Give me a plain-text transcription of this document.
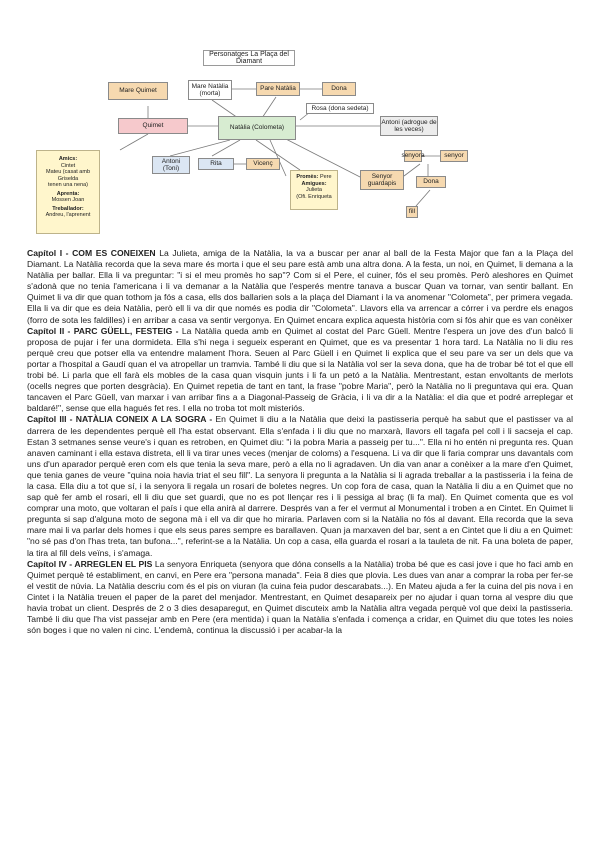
Personatges La Plaça del Diamant
Mare Quimet
Mare Natàlia (morta)
Pare Natàlia	Dona
Rosa (dona sedeta)
Quimet	Natàlia (Colometa)
Antoni (adrogue de les veces)
Antoni (Toni)
Rita	Vicenç
senyora	senyor
Senyor guardapis	Dona
fill
Amics:
Cintet
Mateu (casat amb Griselda
tenen una nena)
Aprenta:
Mossen Joan
Treballador:
Andreu, l'aprenent
Promès: Pere
Amigues: Julieta
(Ofi. Enriqueta

Capítol I - COM ES CONEIXEN La Julieta, amiga de la Natàlia, la va a buscar per anar al ball de la Festa Major que fan a la Plaça del Diamant. La Natàlia recorda que la seva mare és morta i que el seu pare està amb una altra dona. A la festa, un noi, en Quimet, li demana a la Natàlia per ballar. Ella li va preguntar: "i si el meu promès ho sap"? Com si el Pere, el cuiner, fós el seu promès. Però aleshores en Quimet s'adonà que no tenia l'americana i li va demanar a la Natàlia que l'esperés mentre tanava a buscar Quan va tornar, van sentir ballant. En Quimet li va dir que quan tothom ja fós a casa, ells dos ballarien sols a la plaça del Diamant i la va anomenar "Colometa", per primera vegada. Ella li va dir que es deia Natàlia, però ell li va dir que només es podia dir "Colometa". Llavors ella va arrencar a córrer i va perdre els enagos (forro de sota les faldilles) i en arribar a casa va sentir vergonya. En Quimet encara explica aquesta història com si fós ahir que es van conèixer

Capítol II - PARC GÜELL, FESTEIG - La Natàlia queda amb en Quimet al costat del Parc Güell. Mentre l'espera un jove des d'un balcó li proposa de pujar i fer una dormideta. Ella s'hi nega i segueix esperant en Quimet, que es va presentar 1 hora tard. La Natàlia no li diu res perquè creu que potser ella va entendre malament l'hora. Seuen al Parc Güell i en Quimet li explica que el seu pare va ser un dels que va portar a l'hospital a Gaudí quan el va atropellar un tramvia. També li diu que si la Natàlia vol ser la seva dona, que ha de trobar bé tot el que ell trobi bé. Li parla que ell farà els mobles de la casa quan visquin junts i li fa un petó a la Natàlia. Mentrestant, estan envoltants de merlots (ocells negres que porten desgràcia). En Quimet repetia de tant en tant, la frase "pobre Maria", però la Natàlia no li preguntava qui era. Quan tancaven el Parc Güell, van marxar i van arribar fins a a Diagonal-Passeig de Gràcia, i li va dir a la Natàlia: el dia que et podré arreplegar et baldaré!", sense que ella hagués fet res. I ella no troba tot molt misteriós.

Capítol III - NATÀLIA CONEIX A LA SOGRA - En Quimet li diu a la Natàlia que deixi la pastisseria perquè ha sabut que el pastisser va al darrera de les dependentes perquè ell l'ha estat observant. Ella s'enfada i li diu que no marxarà, llavors ell tagafa pel coll i li sacseja el cap. Estan 3 setmanes sense veure's i quan es retroben, en Quimet diu: "i la pobra Maria a passeig per tu...". Ella ni ho entén ni pregunta res. Quan anaven caminant i ella estava distreta, ell li va tirar unes veces (menjar de coloms) a l'esquena. Li va dir que li faria comprar uns davantals com uns d'un aparador perquè eren com els que tenia la seva mare, però a ella no li agradaven. Un dia van anar a conèixer a la mare d'en Quimet, que tenia ganes de veure "quina noia havia triat el seu fill". La senyora li pregunta a la Natàlia si li agrada treballar a la pastisseria i la feina de la casa. Ella diu a tot que sí, i la senyora li regala un rosari de boletes negres. Un cop fora de casa, quan la Natàlia li diu a en Quimet que no sap què fer amb el rosari, ell li diu que set guardi, que no es pot llençar res i li pessiga al braç (li fa mal). En Quimet comenta que es vol comprar una moto, que voltaran el país i que ella anirà al darrere. Després van a fer el vermut al Monumental i troben a en Cintet. En Quimet li pregunta si sap d'alguna moto de segona mà i ell va dir que ho miraria. Parlaven com si la Natàlia no fós al davant. Ella recorda que la seva mare mai li va parlar dels homes i que els seus pares sempre es barallaven. Quan ja marxaven del bar, sent a en Cintet que li diu a en Quimet: "no sé pas d'on l'has treta, tan bufona...", referint-se a la Natàlia. Un cop a casa, ella guarda el rosari a la tauleta de nit. Fa una boleta de paper, la tira al fill dels veïns, i s'amaga.

Capítol IV - ARREGLEN EL PIS La senyora Enriqueta (senyora que dóna consells a la Natàlia) troba bé que es casi jove i que ho faci amb en Quimet perquè té establiment, en canvi, en Pere era "persona manada". Feia 8 dies que plovia. Les dues van anar a comprar la roba per fer-se el vestit de núvia. La Natàlia descriu com és el pis on viuran (la cuina feia pudor descarabats...). En Mateu ajuda a fer la cuina del pis nova i en Cintet i la Natàlia treuen el paper de la paret del menjador. Mentrestant, en Quimet desapareix per no ajudar i quan torna al vespre diu que havia trobat un client. Després de 2 o 3 dies desaparegut, en Quimet discuteix amb la Natàlia altra vegada perquè vol que deixi la pastisseria. També li diu que l'ha vist passejar amb en Pere (era mentida) i quan la Natàlia s'enfada i comença a cridar, en Quimet diu que totes les noies són boges i que no valen ni cinc. L'endemà, continua la discussió i per acabar-la la
